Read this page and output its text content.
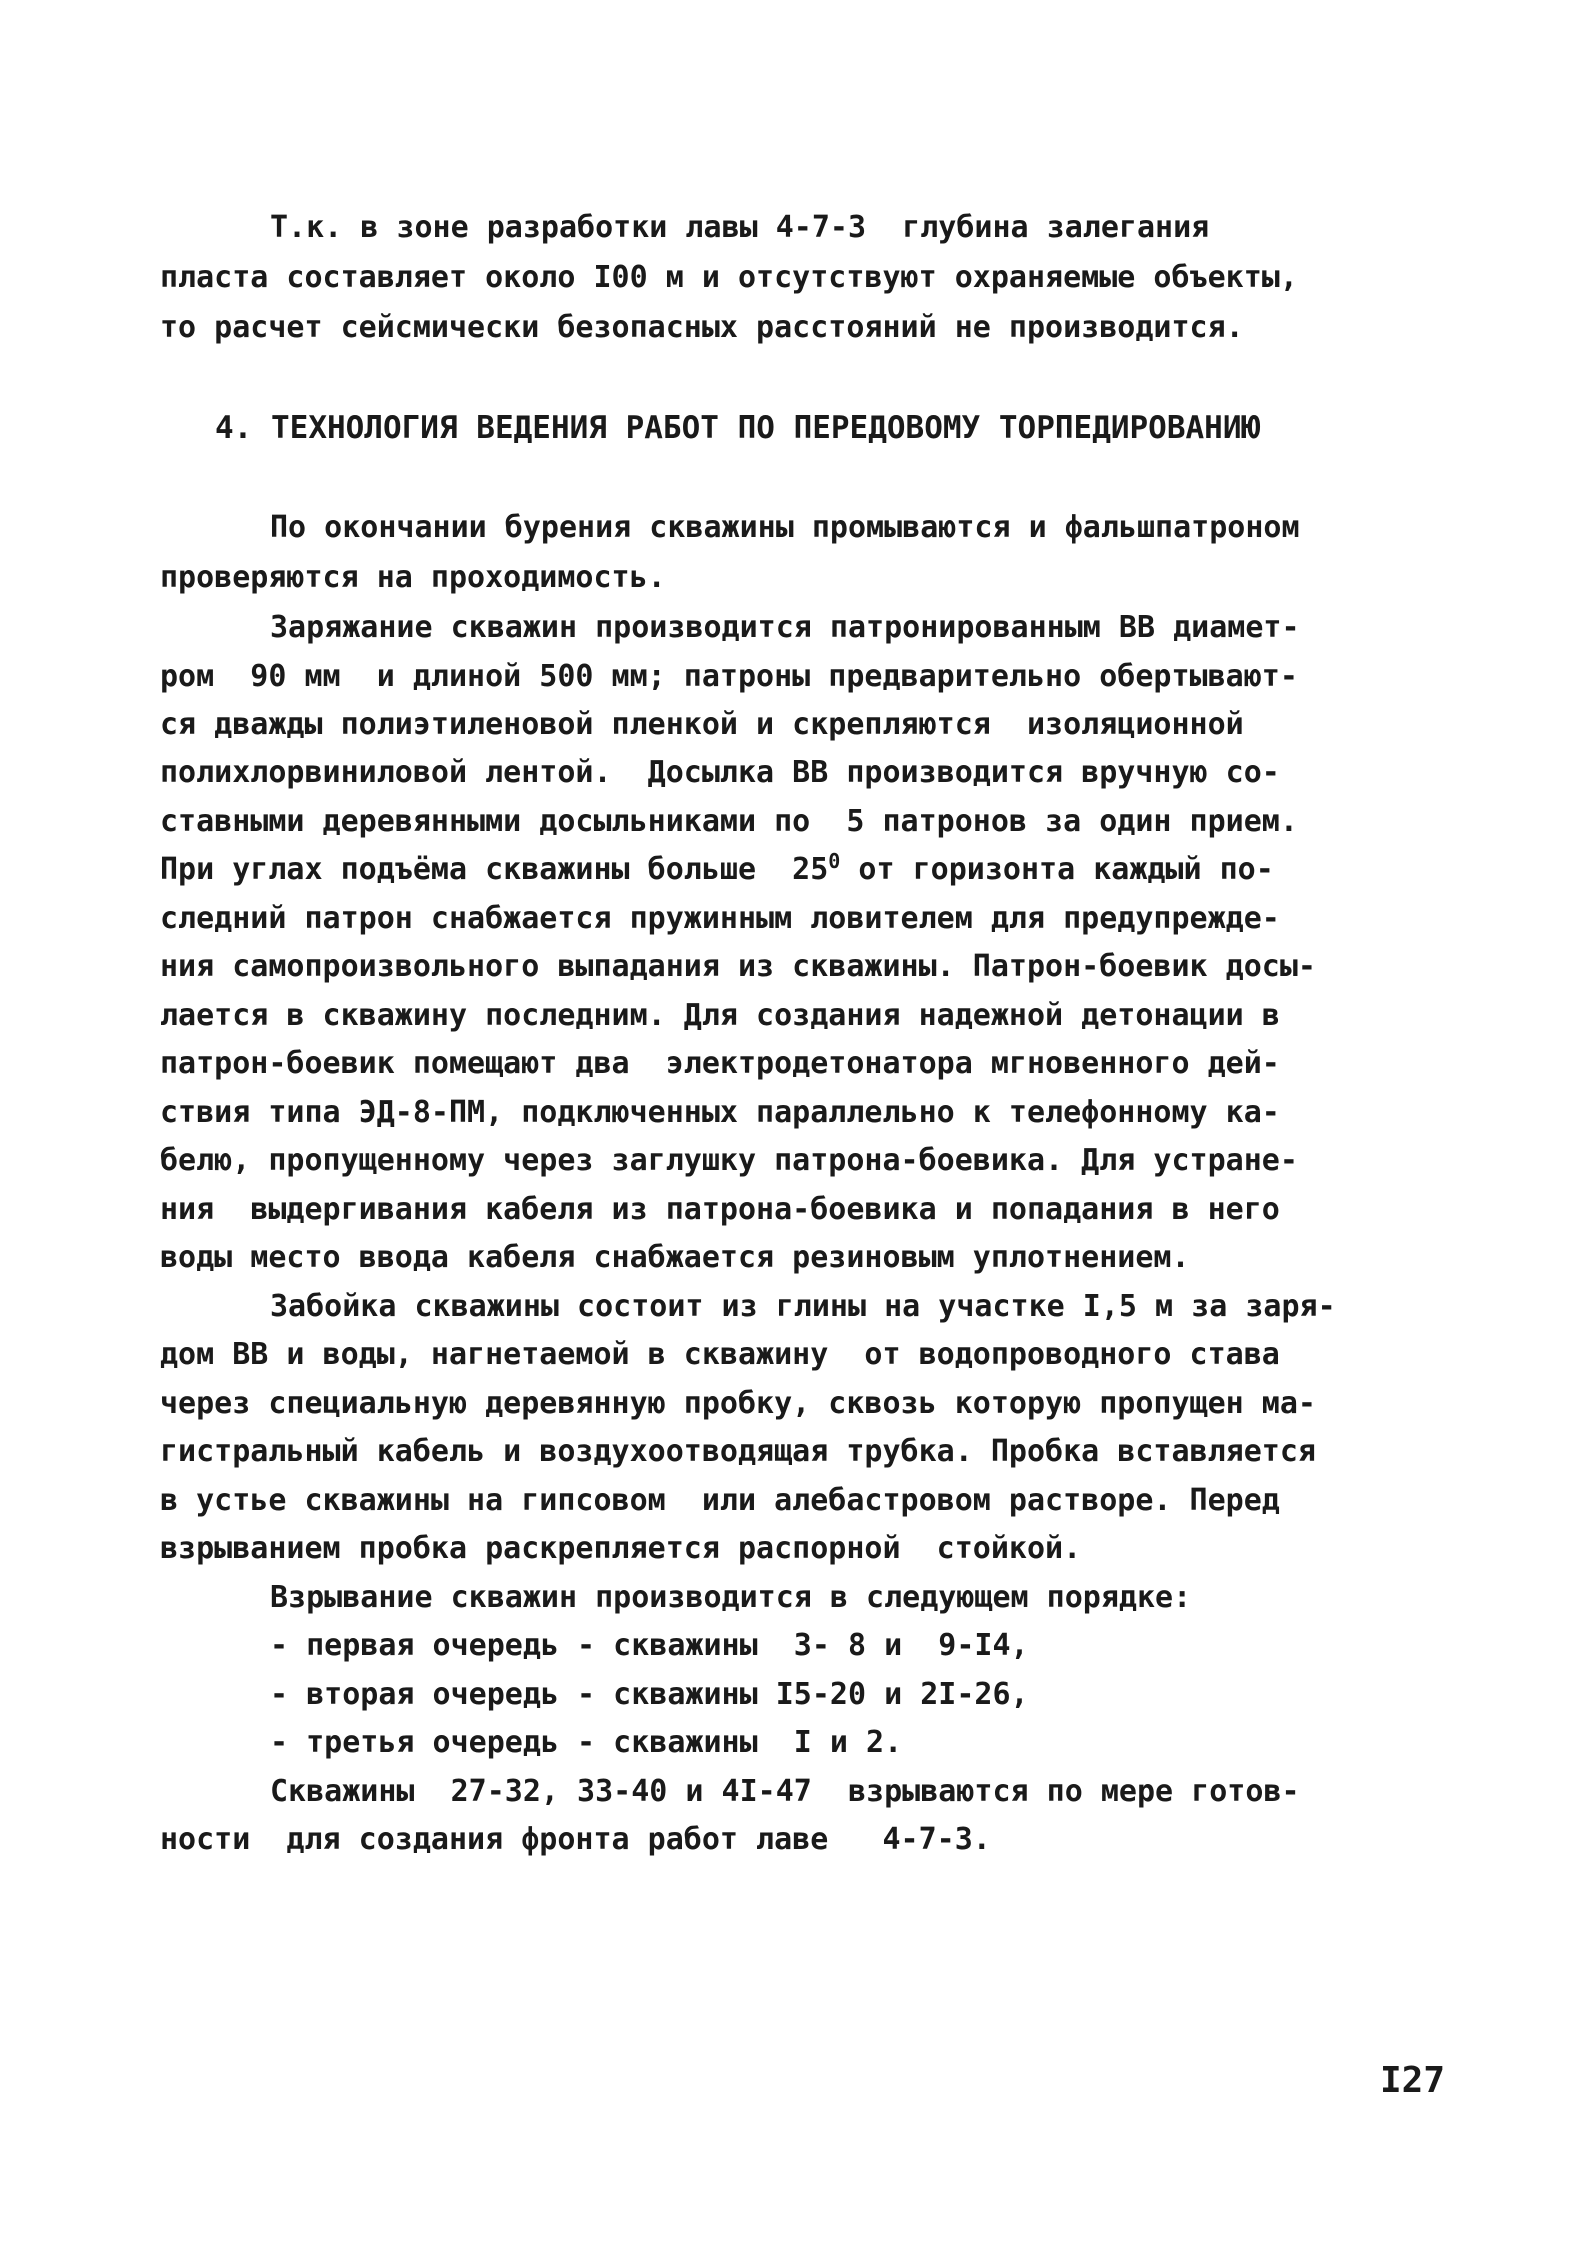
Т.к. в зоне разработки лавы 4-7-3  глубина залегания
пласта составляет около I00 м и отсутствуют охраняемые объекты,
то расчет сейсмически безопасных расстояний не производится.
4. ТЕХНОЛОГИЯ ВЕДЕНИЯ РАБОТ ПО ПЕРЕДОВОМУ ТОРПЕДИРОВАНИЮ
По окончании бурения скважины промываются и фальшпатроном
проверяются на проходимость.
Заряжание скважин производится патронированным ВВ диамет-
ром  90 мм  и длиной 500 мм; патроны предварительно обертывают-
ся дважды полиэтиленовой пленкой и скрепляются  изоляционной
полихлорвиниловой лентой.  Досылка ВВ производится вручную со-
ставными деревянными досыльниками по  5 патронов за один прием.
При углах подъёма скважины больше  $25^0$ от горизонта каждый по-
следний патрон снабжается пружинным ловителем для предупрежде-
ния самопроизвольного выпадания из скважины. Патрон-боевик досы-
лается в скважину последним. Для создания надежной детонации в
патрон-боевик помещают два  электродетонатора мгновенного дей-
ствия типа ЭД-8-ПМ, подключенных параллельно к телефонному ка-
белю, пропущенному через заглушку патрона-боевика. Для устране-
ния  выдергивания кабеля из патрона-боевика и попадания в него
воды место ввода кабеля снабжается резиновым уплотнением.
Забойка скважины состоит из глины на участке I,5 м за заря-
дом ВВ и воды, нагнетаемой в скважину  от водопроводного става
через специальную деревянную пробку, сквозь которую пропущен ма-
гистральный кабель и воздухоотводящая трубка. Пробка вставляется
в устье скважины на гипсовом  или алебастровом растворе. Перед
взрыванием пробка раскрепляется распорной  стойкой.
Взрывание скважин производится в следующем порядке:
- первая очередь - скважины  3- 8 и  9-I4,
- вторая очередь - скважины I5-20 и 2I-26,
- третья очередь - скважины  I и 2.
Скважины  27-32, 33-40 и 4I-47  взрываются по мере готов-
ности  для создания фронта работ лаве   4-7-3.
I27
